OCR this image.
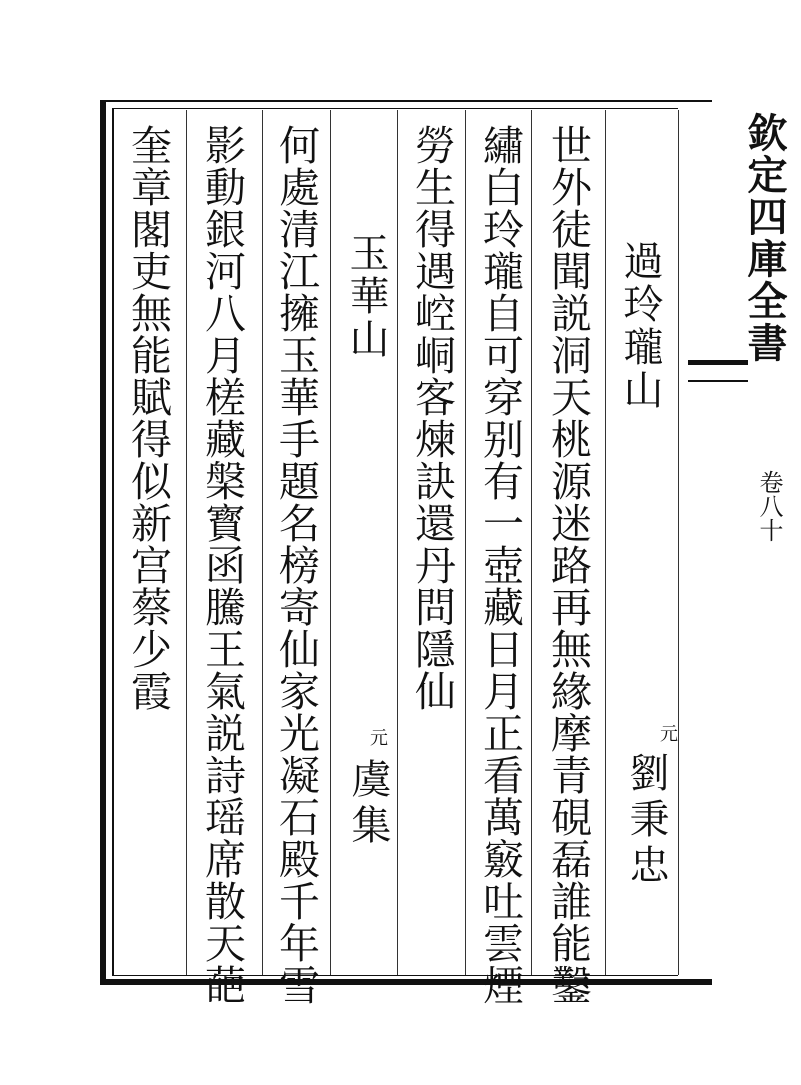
過玲瓏山
元
劉秉忠
世外徒聞説洞天桃源迷路再無緣摩青硯磊誰能鑿
繡白玲瓏自可穿别有一壺藏日月正看萬竅吐雲煙
勞生得遇崆峒客煉訣還丹問隱仙
玉華山
元
虞集
何處清江擁玉華手題名榜寄仙家光凝石殿千年雪
影動銀河八月槎藏槃寳函騰王氣説詩瑶席散天葩
奎章閣吏無能賦得似新宫蔡少霞	欽定四庫全書
卷八十
